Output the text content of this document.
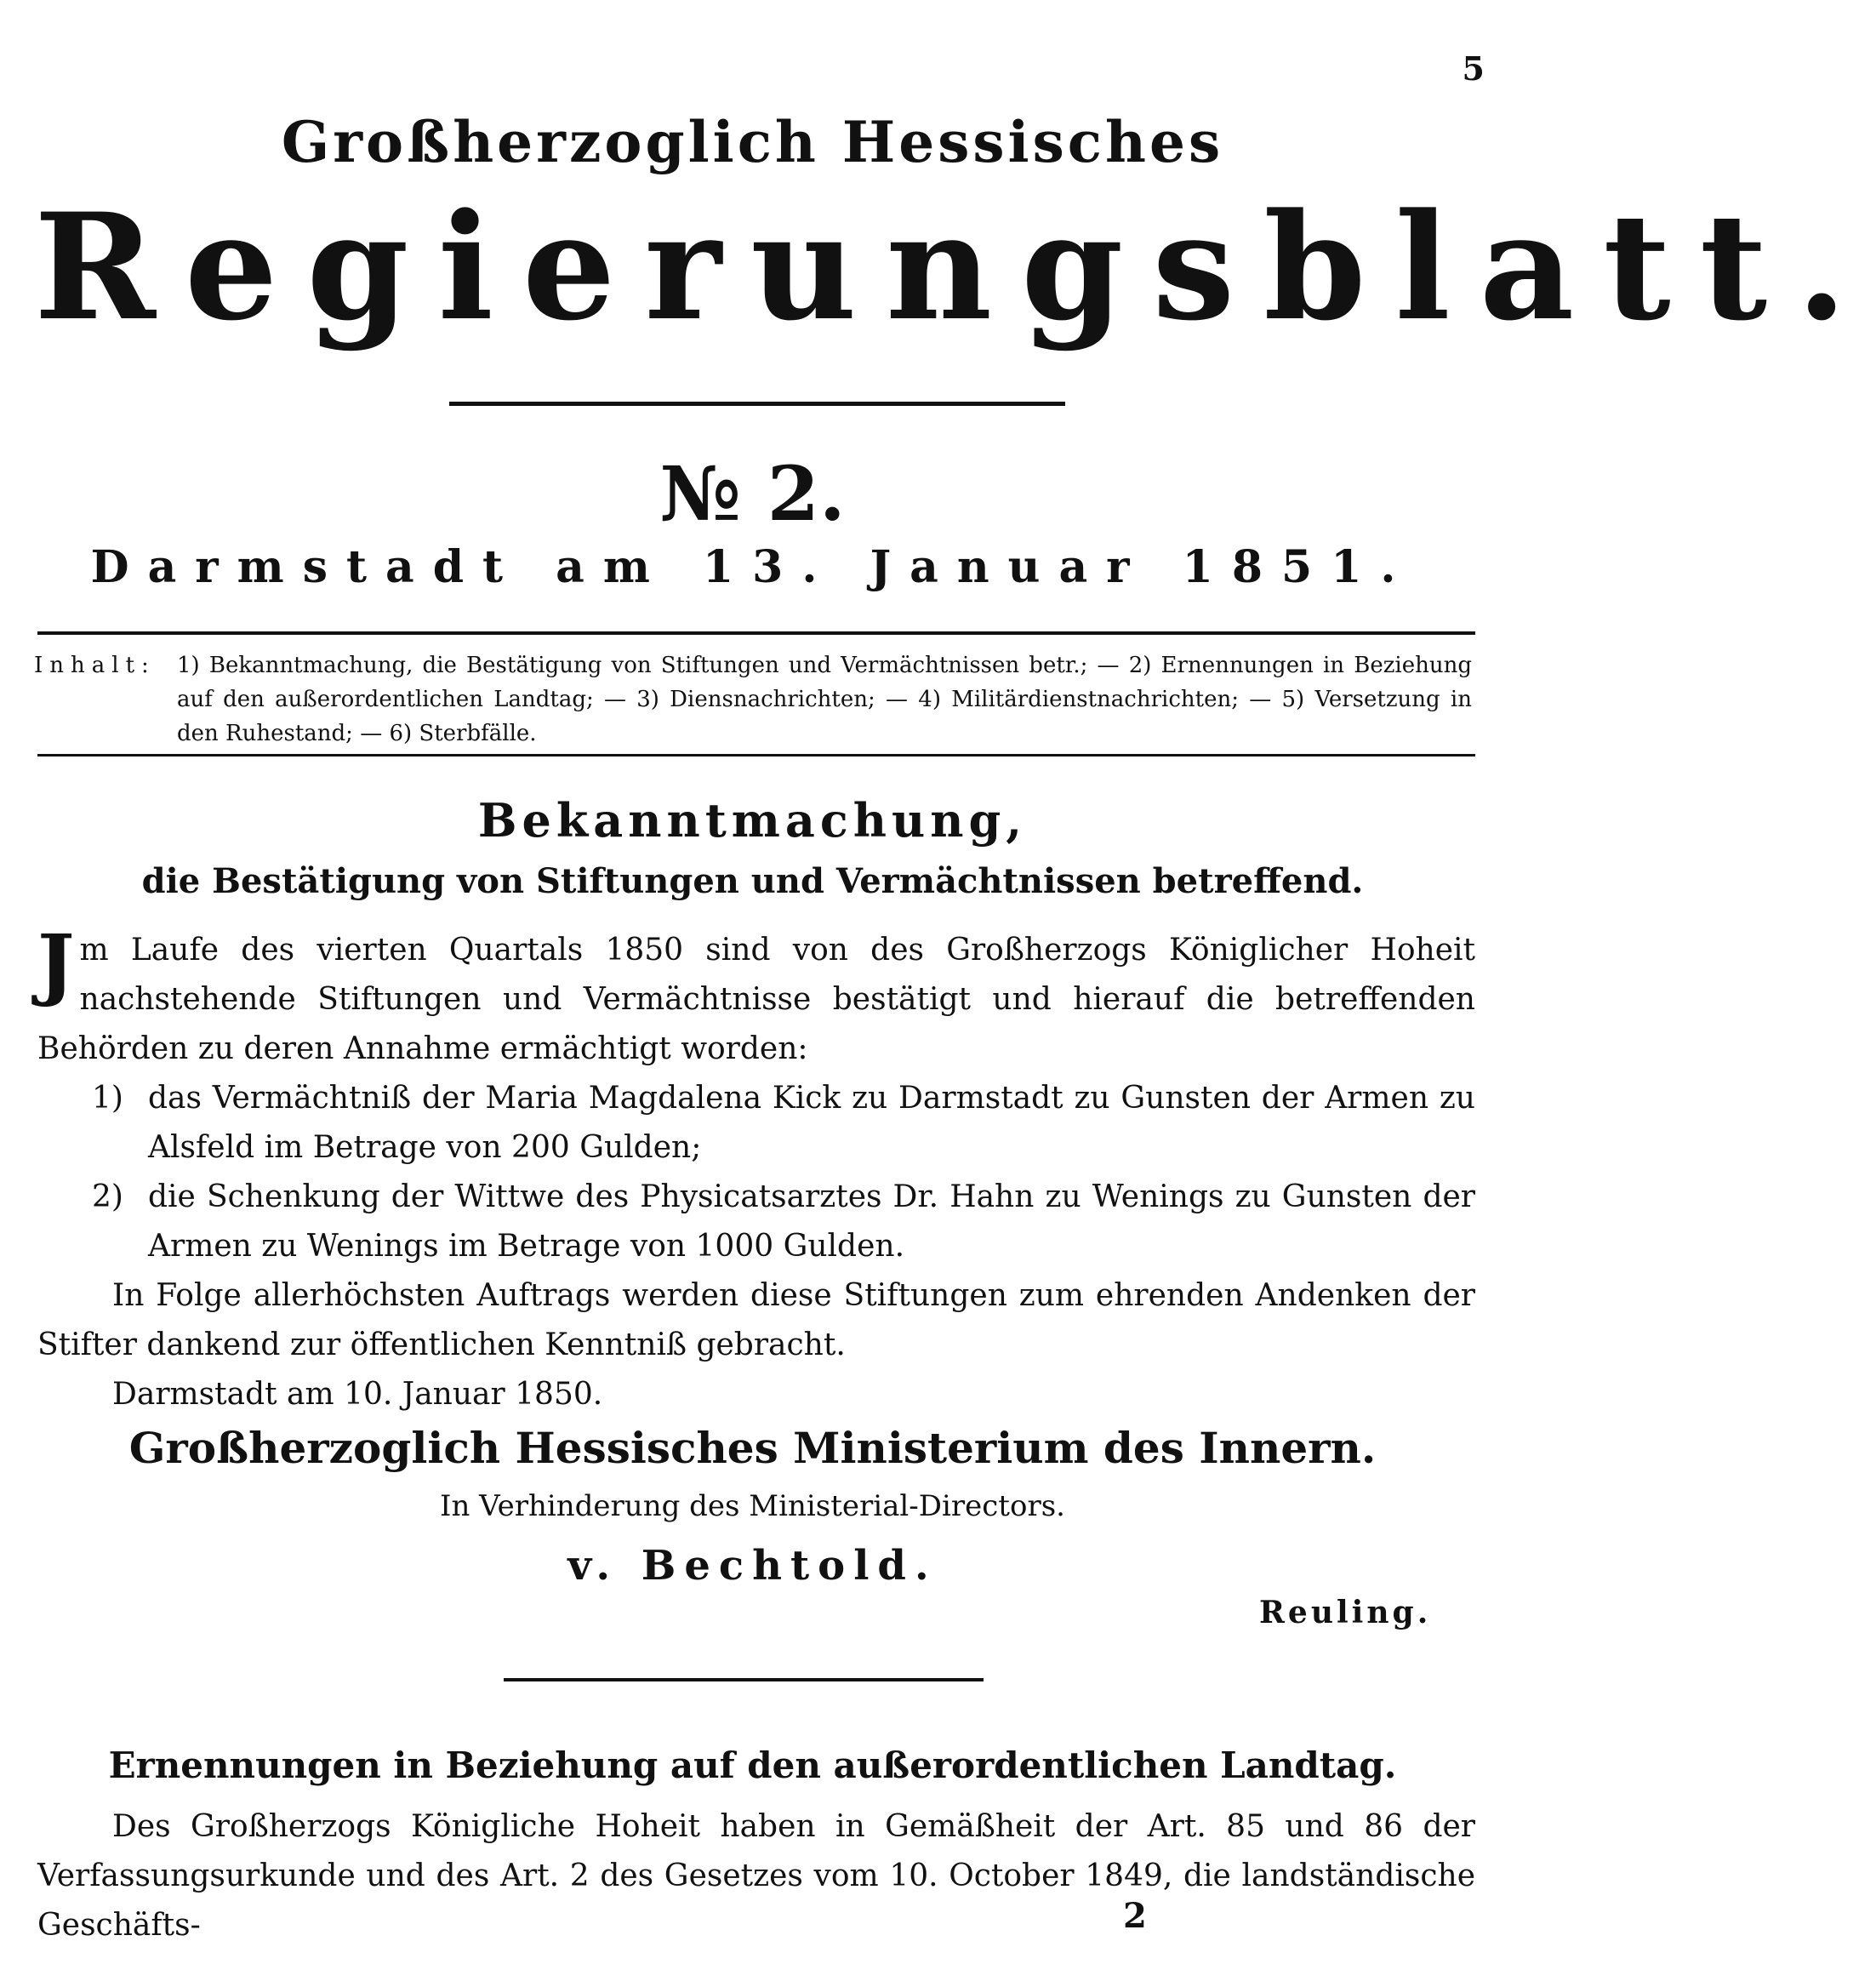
5
Großherzoglich Hessisches
Regierungsblatt.
№ 2.
Darmstadt am 13. Januar 1851.
Inhalt: 1) Bekanntmachung, die Bestätigung von Stiftungen und Vermächtnissen betr.; — 2) Ernennungen in Beziehung auf den außerordentlichen Landtag; — 3) Diensnachrichten; — 4) Militärdienstnachrichten; — 5) Versetzung in den Ruhestand; — 6) Sterbfälle.
Bekanntmachung,
die Bestätigung von Stiftungen und Vermächtnissen betreffend.
J m Laufe des vierten Quartals 1850 sind von des Großherzogs Königlicher Hoheit nachstehende Stiftungen und Vermächtnisse bestätigt und hierauf die betreffenden Behörden zu deren Annahme ermächtigt worden:
1) das Vermächtniß der Maria Magdalena Kick zu Darmstadt zu Gunsten der Armen zu Alsfeld im Betrage von 200 Gulden;
2) die Schenkung der Wittwe des Physicatsarztes Dr. Hahn zu Wenings zu Gunsten der Armen zu Wenings im Betrage von 1000 Gulden.
In Folge allerhöchsten Auftrags werden diese Stiftungen zum ehrenden Andenken der Stifter dankend zur öffentlichen Kenntniß gebracht.
Darmstadt am 10. Januar 1850.
Großherzoglich Hessisches Ministerium des Innern.
In Verhinderung des Ministerial-Directors.
v. Bechtold.
Reuling.
Ernennungen in Beziehung auf den außerordentlichen Landtag.
Des Großherzogs Königliche Hoheit haben in Gemäßheit der Art. 85 und 86 der Verfassungsurkunde und des Art. 2 des Gesetzes vom 10. October 1849, die landständische Geschäfts-	2
